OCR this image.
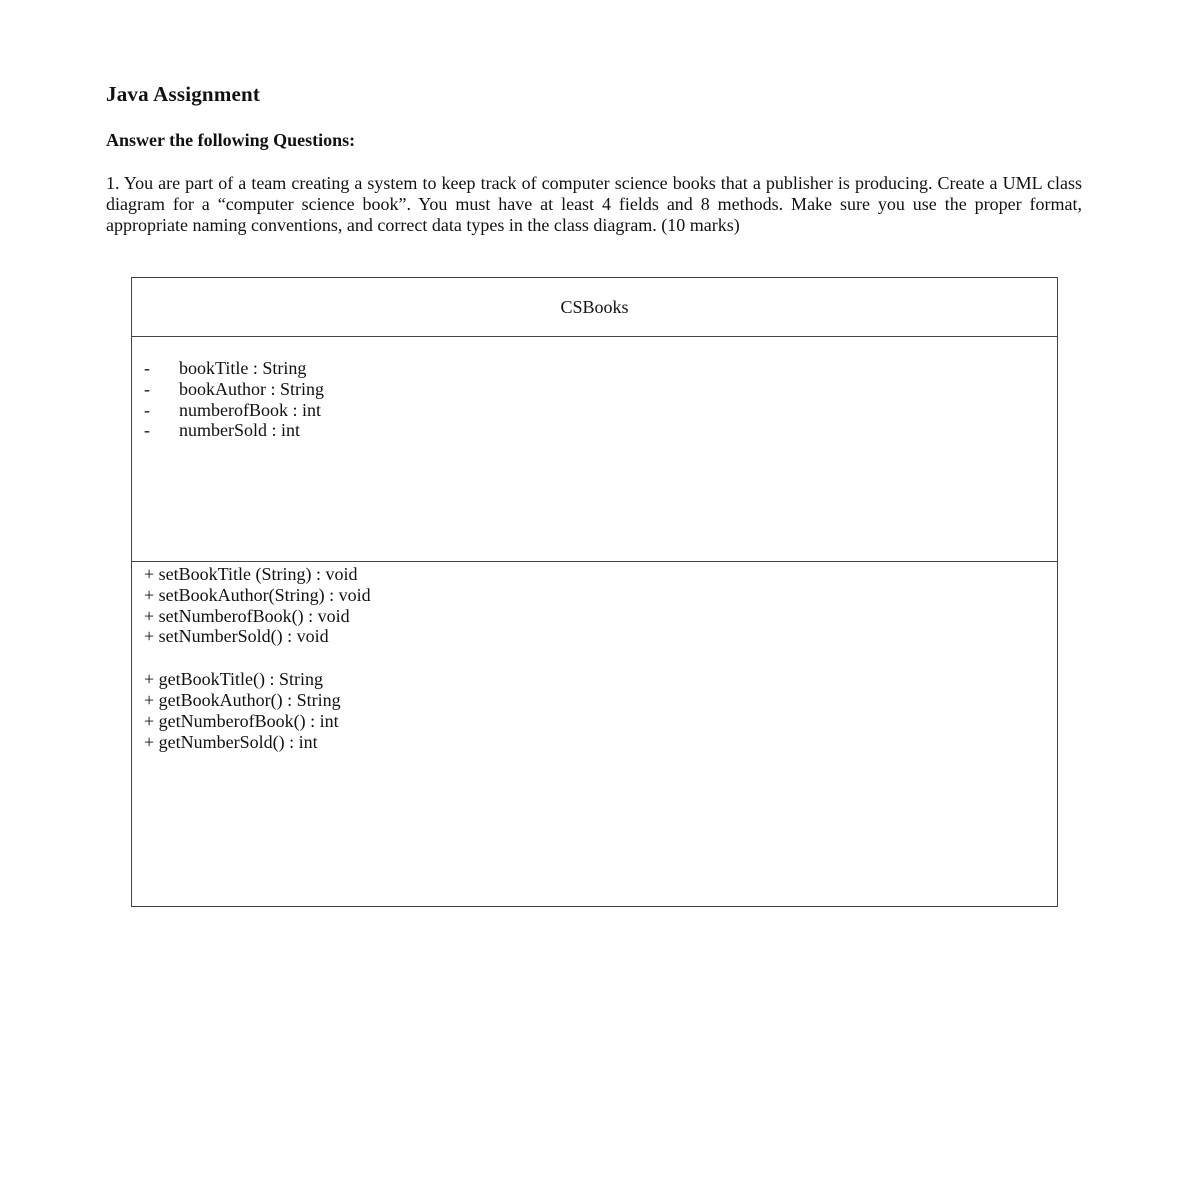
Java Assignment
Answer the following Questions:

1. You are part of a team creating a system to keep track of computer science books that a publisher is producing. Create a UML class diagram for a “computer science book”. You must have at least 4 fields and 8 methods. Make sure you use the proper format, appropriate naming conventions, and correct data types in the class diagram. (10 marks)

CSBooks
-	bookTitle : String
-	bookAuthor : String
-	numberofBook : int
-	numberSold : int
+ setBookTitle (String) : void
+ setBookAuthor(String) : void
+ setNumberofBook() : void
+ setNumberSold() : void
+ getBookTitle() : String
+ getBookAuthor() : String
+ getNumberofBook() : int
+ getNumberSold() : int
